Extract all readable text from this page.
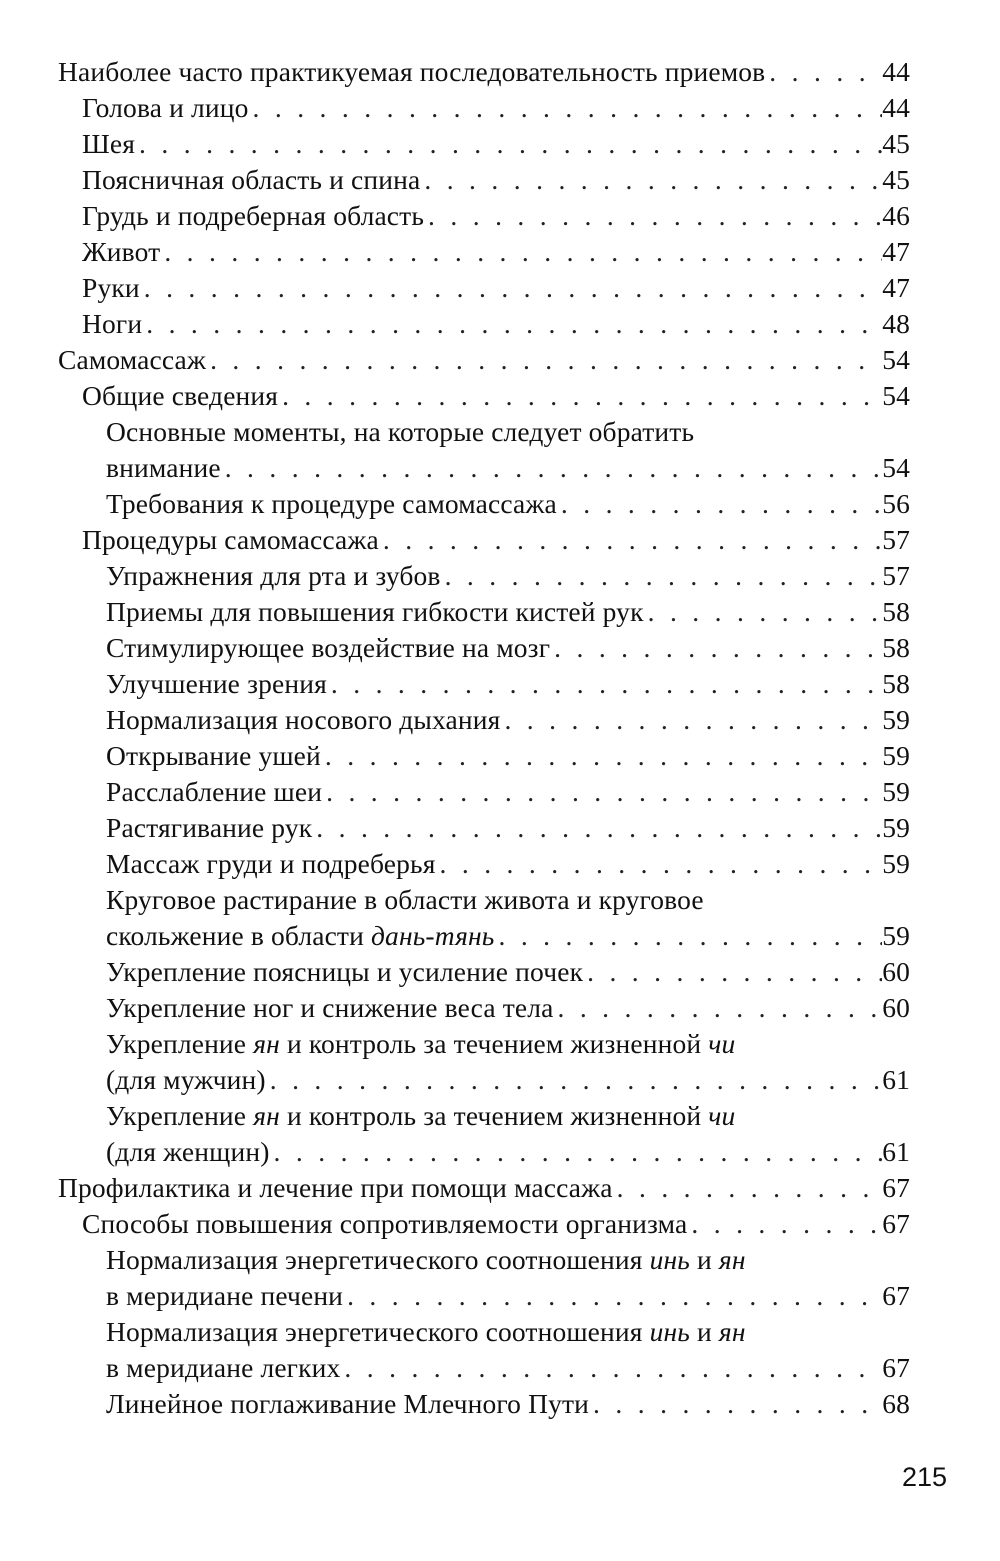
Наиболее часто практикуемая последовательность приемов . . .	44
Голова и лицо . . .	44
Шея . . .	45
Поясничная область и спина . . .	45
Грудь и подреберная область . . .	46
Живот . . .	47
Руки . . .	47
Ноги . . .	48
Самомассаж . . .	54
Общие сведения . . .	54
Основные моменты, на которые следует обратить
внимание . . .	54
Требования к процедуре самомассажа . . .	56
Процедуры самомассажа . . .	57
Упражнения для рта и зубов . . .	57
Приемы для повышения гибкости кистей рук . . .	58
Стимулирующее воздействие на мозг . . .	58
Улучшение зрения . . .	58
Нормализация носового дыхания . . .	59
Открывание ушей . . .	59
Расслабление шеи . . .	59
Растягивание рук . . .	59
Массаж груди и подреберья . . .	59
Круговое растирание в области живота и круговое
скольжение в области дань-тянь . . .	59
Укрепление поясницы и усиление почек . . .	60
Укрепление ног и снижение веса тела . . .	60
Укрепление ян и контроль за течением жизненной чи
(для мужчин) . . .	61
Укрепление ян и контроль за течением жизненной чи
(для женщин) . . .	61
Профилактика и лечение при помощи массажа . . .	67
Способы повышения сопротивляемости организма . . .	67
Нормализация энергетического соотношения инь и ян
в меридиане печени . . .	67
Нормализация энергетического соотношения инь и ян
в меридиане легких . . .	67
Линейное поглаживание Млечного Пути . . .	68
215
